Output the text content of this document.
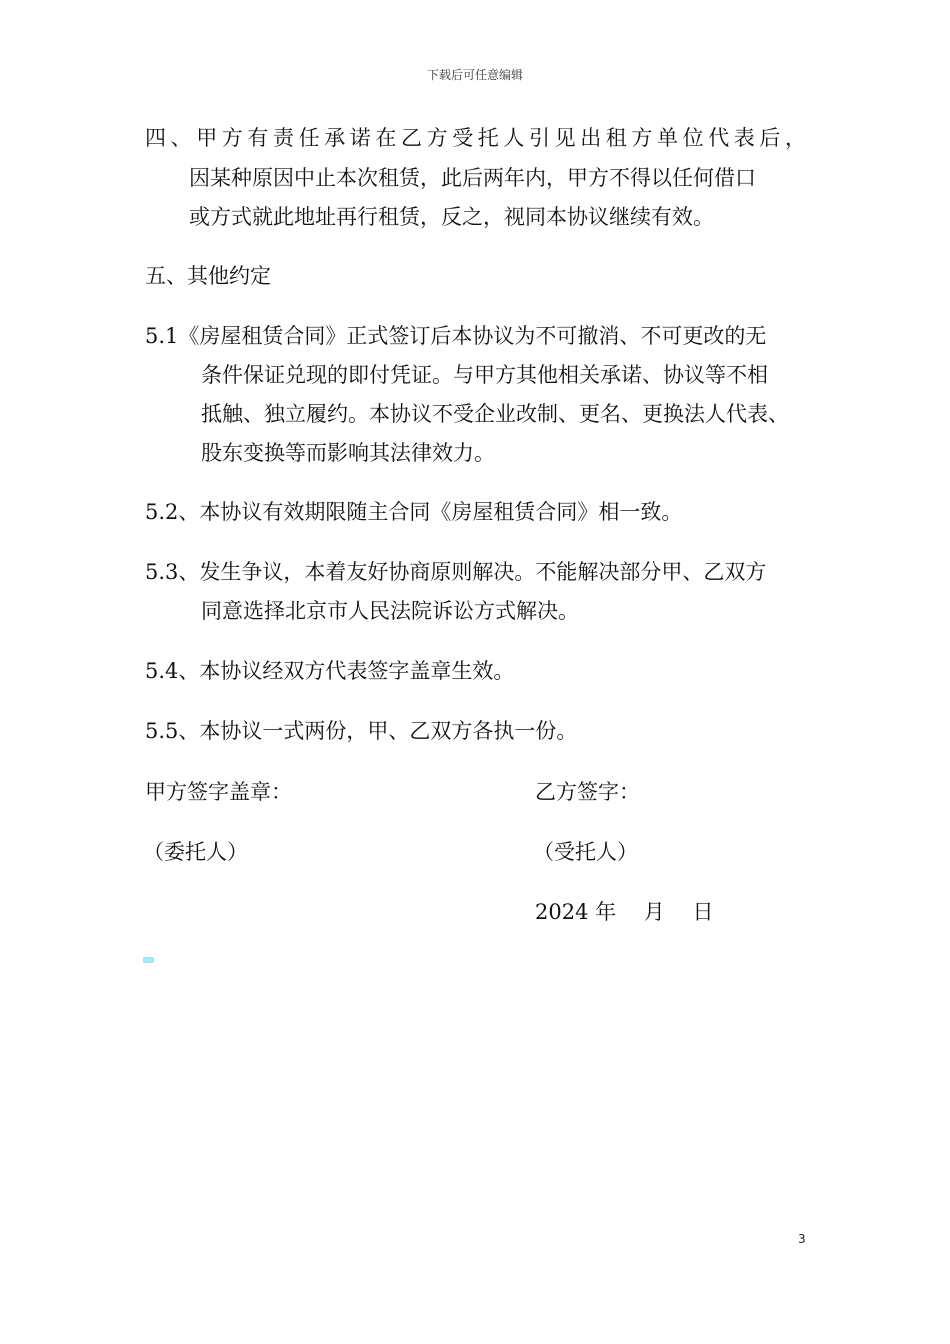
下载后可任意编辑
四、甲方有责任承诺在乙方受托人引见出租方单位代表后，
因某种原因中止本次租赁，此后两年内，甲方不得以任何借口
或方式就此地址再行租赁，反之，视同本协议继续有效。
五、其他约定
5.1《房屋租赁合同》正式签订后本协议为不可撤消、不可更改的无
条件保证兑现的即付凭证。与甲方其他相关承诺、协议等不相
抵触、独立履约。本协议不受企业改制、更名、更换法人代表、
股东变换等而影响其法律效力。
5.2、本协议有效期限随主合同《房屋租赁合同》相一致。
5.3、发生争议，本着友好协商原则解决。不能解决部分甲、乙双方
同意选择北京市人民法院诉讼方式解决。
5.4、本协议经双方代表签字盖章生效。
5.5、本协议一式两份，甲、乙双方各执一份。
甲方签字盖章：	乙方签字：
（委托人）	（受托人）
2024 年　 月　 日
3
